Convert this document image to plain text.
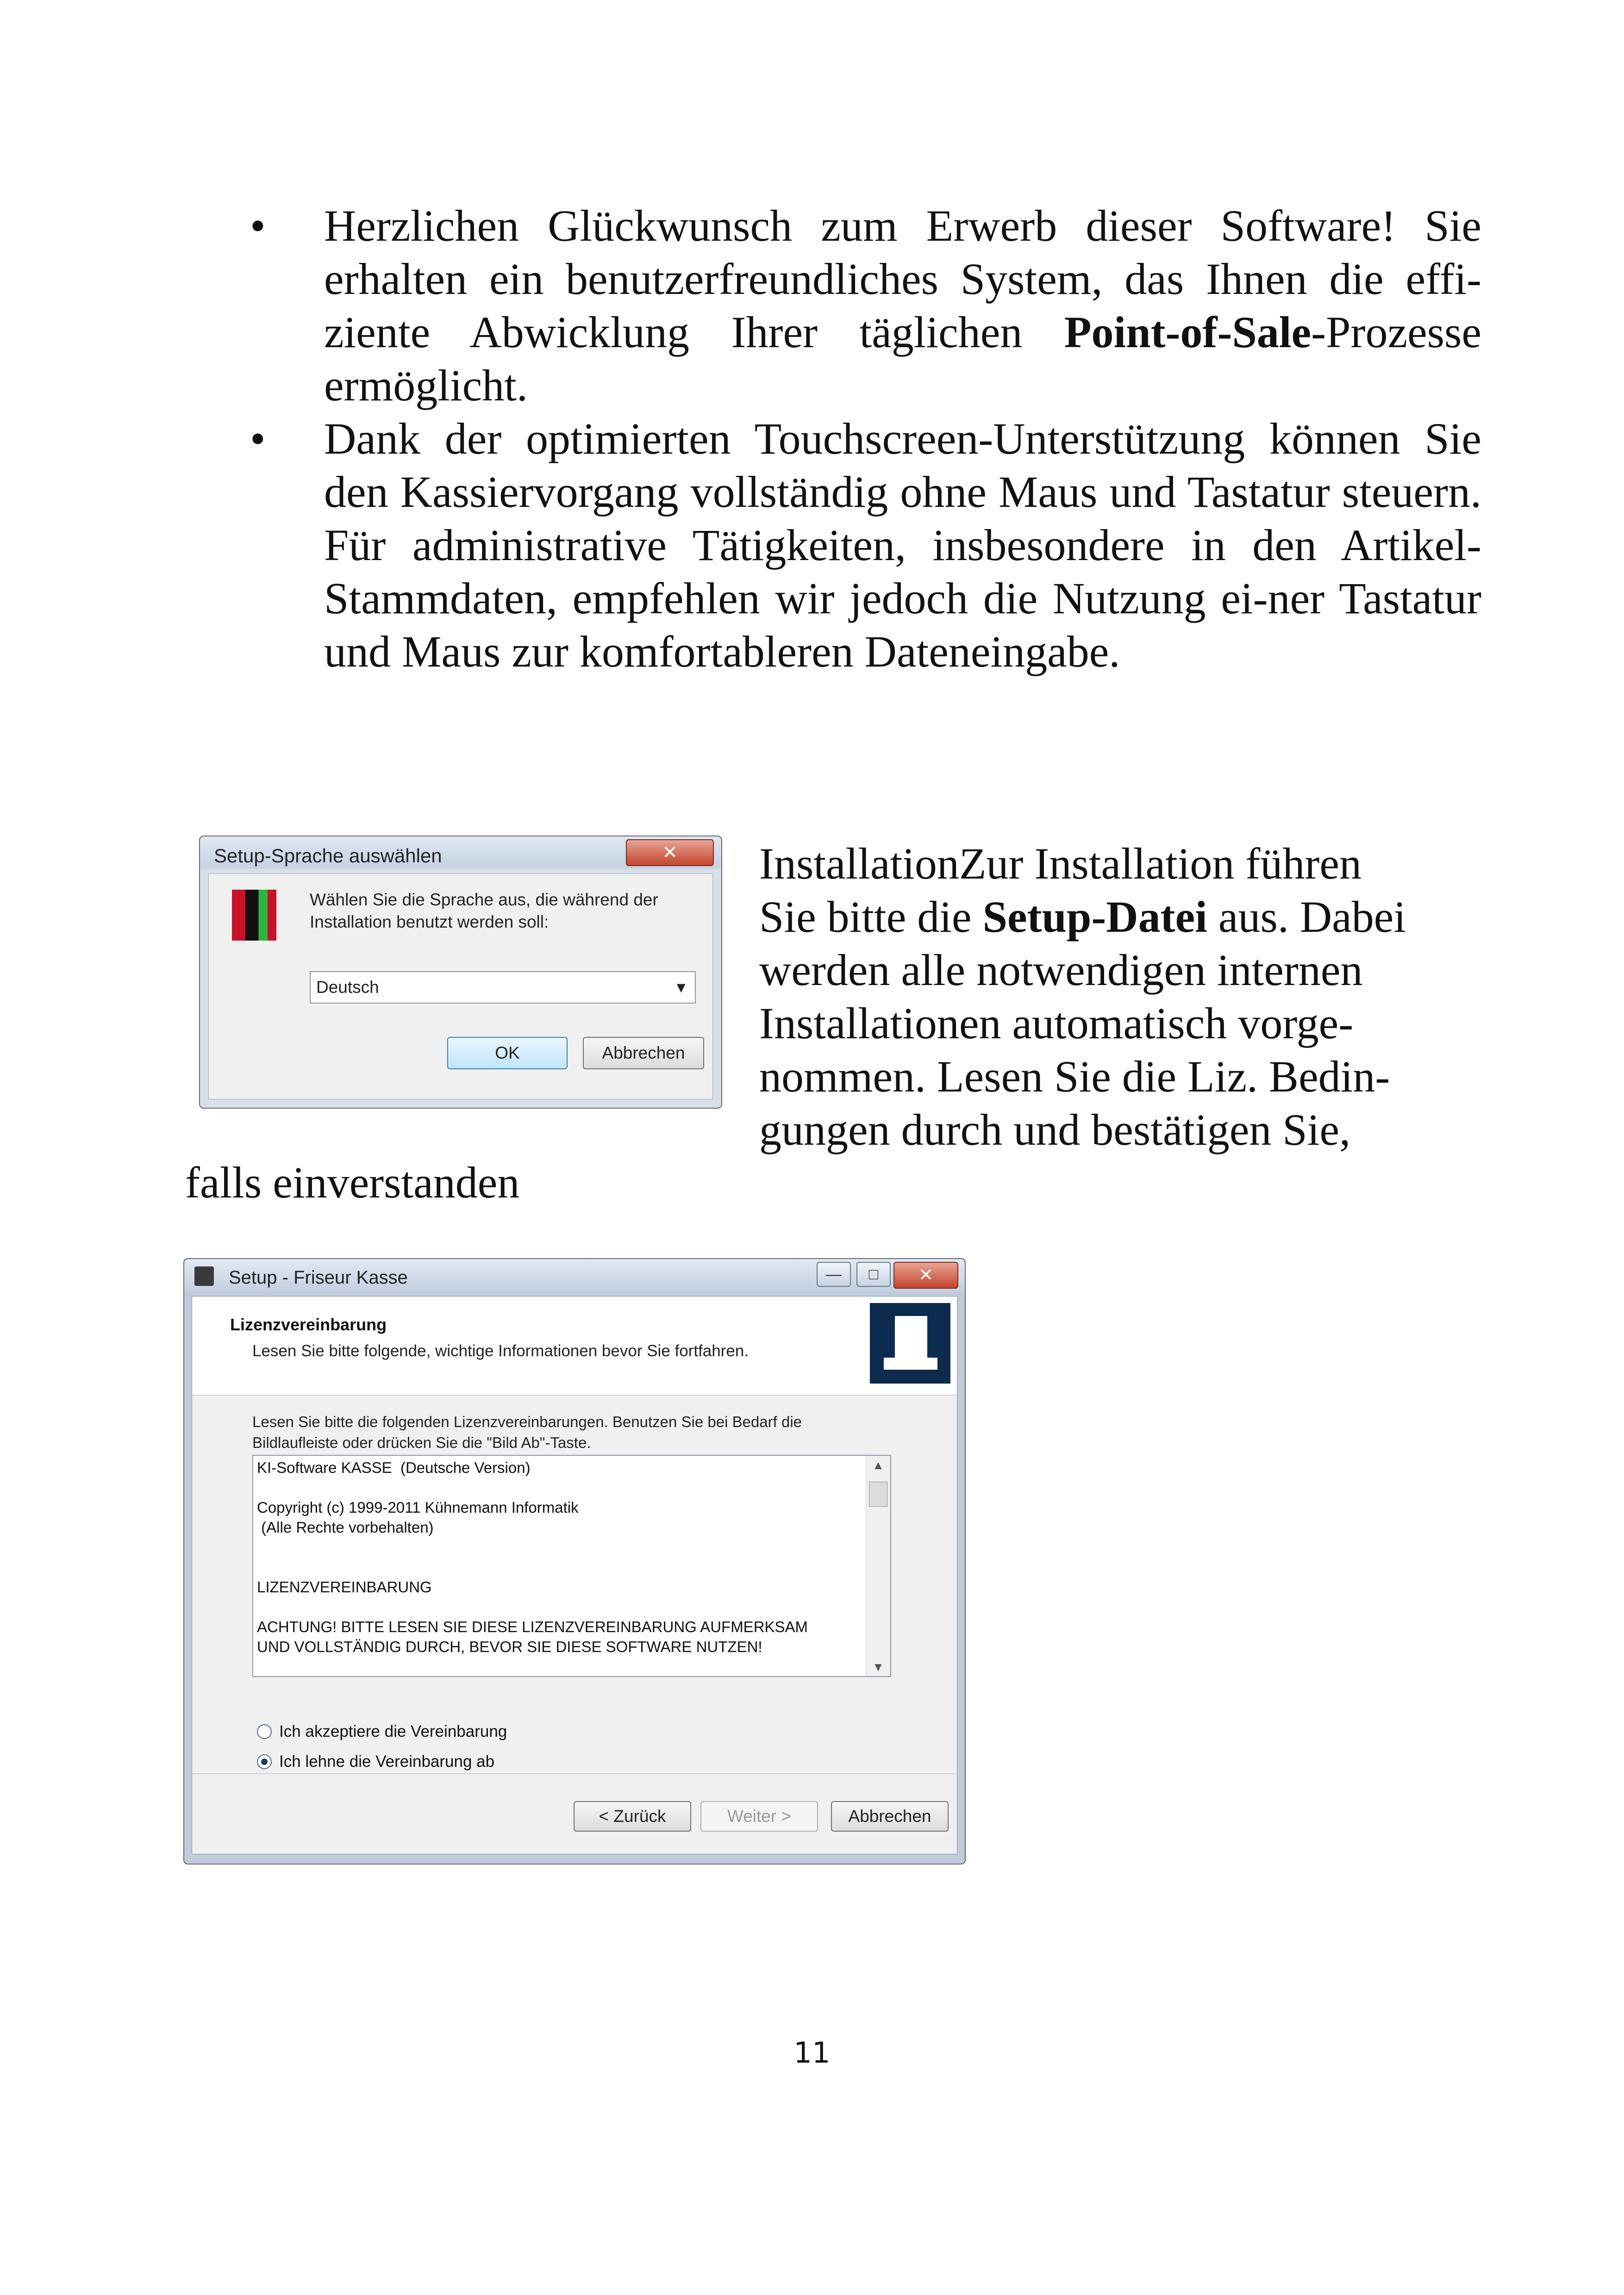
• Herzlichen Glückwunsch zum Erwerb dieser Software! Sie erhalten ein benutzerfreundliches System, das Ihnen die effi-ziente Abwicklung Ihrer täglichen Point-of-Sale-Prozesse ermöglicht.
• Dank der optimierten Touchscreen-Unterstützung können Sie den Kassiervorgang vollständig ohne Maus und Tastatur steuern. Für administrative Tätigkeiten, insbesondere in den Artikel-Stammdaten, empfehlen wir jedoch die Nutzung ei-ner Tastatur und Maus zur komfortableren Dateneingabe.
Setup-Sprache auswählen	✕
Wählen Sie die Sprache aus, die während der
Installation benutzt werden soll:
Deutsch	▼
OK	Abbrechen
InstallationZur Installation führen
Sie bitte die Setup-Datei aus. Dabei
werden alle notwendigen internen
Installationen automatisch vorge-
nommen. Lesen Sie die Liz. Bedin-
gungen durch und bestätigen Sie,
falls einverstanden
Setup - Friseur Kasse	—	□	✕
Lizenzvereinbarung
Lesen Sie bitte folgende, wichtige Informationen bevor Sie fortfahren.
Lesen Sie bitte die folgenden Lizenzvereinbarungen. Benutzen Sie bei Bedarf die
Bildlaufleiste oder drücken Sie die "Bild Ab"-Taste.
KI-Software KASSE  (Deutsche Version)

Copyright (c) 1999-2011 Kühnemann Informatik
(Alle Rechte vorbehalten)

LIZENZVEREINBARUNG

ACHTUNG! BITTE LESEN SIE DIESE LIZENZVEREINBARUNG AUFMERKSAM
UND VOLLSTÄNDIG DURCH, BEVOR SIE DIESE SOFTWARE NUTZEN!
▲
▼
Ich akzeptiere die Vereinbarung
Ich lehne die Vereinbarung ab
< Zurück	Weiter >	Abbrechen
11
